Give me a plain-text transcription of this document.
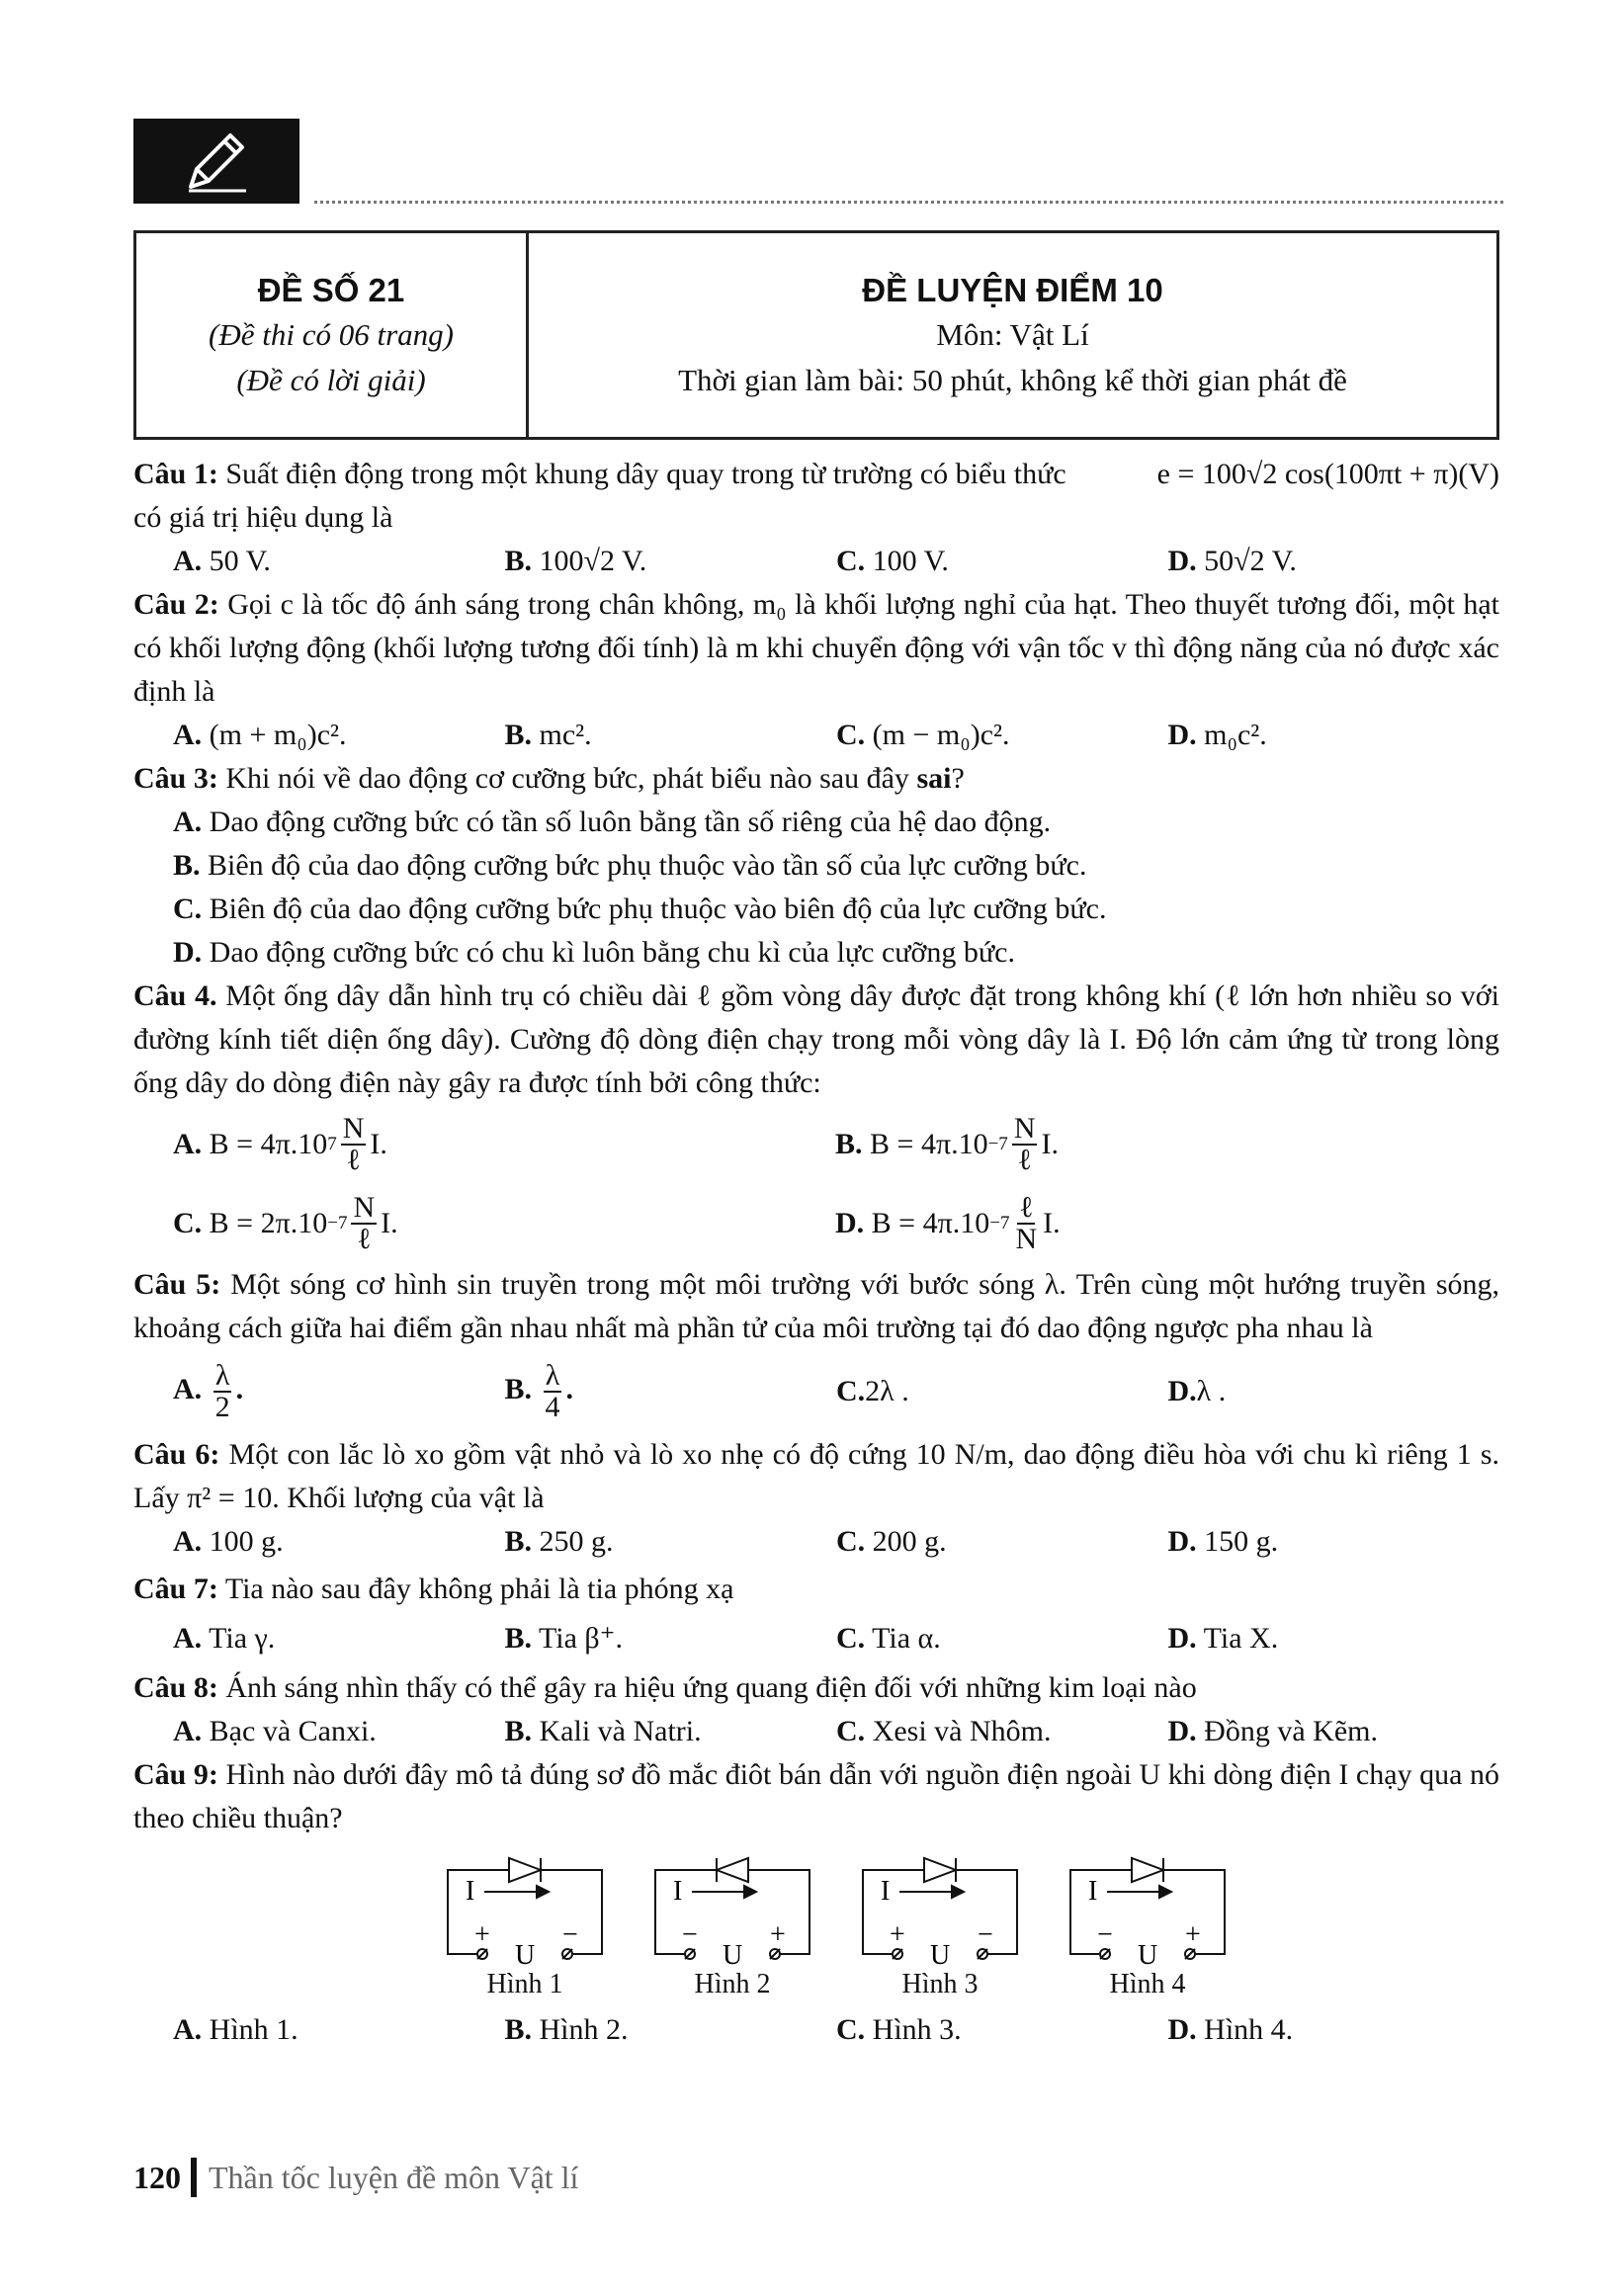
ĐỀ SỐ 21
(Đề thi có 06 trang)
(Đề có lời giải)
ĐỀ LUYỆN ĐIỂM 10
Môn: Vật Lí
Thời gian làm bài: 50 phút, không kể thời gian phát đề
Câu 1: Suất điện động trong một khung dây quay trong từ trường có biểu thức	e = 100√2 cos(100πt + π)(V)

có giá trị hiệu dụng là
A. 50 V.	B. 100√2 V.	C. 100 V.	D. 50√2 V.
Câu 2: Gọi c là tốc độ ánh sáng trong chân không, m₀ là khối lượng nghỉ của hạt. Theo thuyết tương đối, một hạt có khối lượng động (khối lượng tương đối tính) là m khi chuyển động với vận tốc v thì động năng của nó được xác định là
A. (m + m₀)c².	B. mc².	C. (m − m₀)c².	D. m₀c².
Câu 3: Khi nói về dao động cơ cưỡng bức, phát biểu nào sau đây sai?
A. Dao động cưỡng bức có tần số luôn bằng tần số riêng của hệ dao động.
B. Biên độ của dao động cưỡng bức phụ thuộc vào tần số của lực cưỡng bức.
C. Biên độ của dao động cưỡng bức phụ thuộc vào biên độ của lực cưỡng bức.
D. Dao động cưỡng bức có chu kì luôn bằng chu kì của lực cưỡng bức.
Câu 4. Một ống dây dẫn hình trụ có chiều dài ℓ gồm vòng dây được đặt trong không khí (ℓ lớn hơn nhiều so với đường kính tiết diện ống dây). Cường độ dòng điện chạy trong mỗi vòng dây là I. Độ lớn cảm ứng từ trong lòng ống dây do dòng điện này gây ra được tính bởi công thức:
A.
B = 4π.10 $7 \frac{N}{\text{ℓ}} I$.	B.
$B = 4\pi.10 -7 \frac{N}{\text{ℓ}} I$.
C.
$B = 2\pi.10 -7 \frac{N}{\text{ℓ}} I$.	D.
$B = 4\pi.10 -7 \frac{\text{ℓ}}{N} I$.
Câu 5: Một sóng cơ hình sin truyền trong một môi trường với bước sóng λ. Trên cùng một hướng truyền sóng, khoảng cách giữa hai điểm gần nhau nhất mà phần tử của môi trường tại đó dao động ngược pha nhau là
A. $\frac{\lambda}{2}$ .	B. $\frac{\lambda}{4}$ .	C.2λ .	D.λ .
Câu 6: Một con lắc lò xo gồm vật nhỏ và lò xo nhẹ có độ cứng 10 N/m, dao động điều hòa với chu kì riêng 1 s. Lấy π² = 10. Khối lượng của vật là
A. 100 g.	B. 250 g.	C. 200 g.	D. 150 g.
Câu 7: Tia nào sau đây không phải là tia phóng xạ
A. Tia γ.	B. Tia β⁺.	C. Tia α.	D. Tia X.
Câu 8: Ánh sáng nhìn thấy có thể gây ra hiệu ứng quang điện đối với những kim loại nào
A. Bạc và Canxi.	B. Kali và Natri.	C. Xesi và Nhôm.	D. Đồng và Kẽm.
Câu 9: Hình nào dưới đây mô tả đúng sơ đồ mắc điôt bán dẫn với nguồn điện ngoài U khi dòng điện I chạy qua nó theo chiều thuận?
I
+	−
U
Hình 1
I
−	+
U
Hình 2
I
+	−
U
Hình 3
I
−	+
U
Hình 4
A. Hình 1.	B. Hình 2.	C. Hình 3.	D. Hình 4.
120 Thần tốc luyện đề môn Vật lí
